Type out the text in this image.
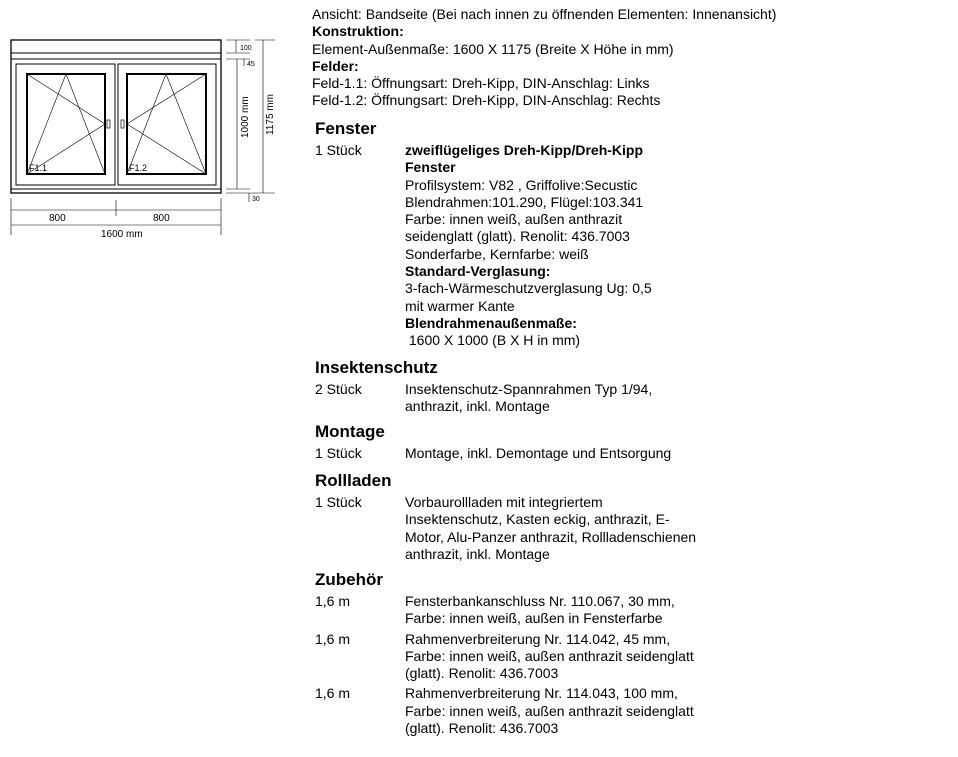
F1.1	F1.2
100
45
30
1000 mm 1175 mm
800	800
1600 mm
Ansicht: Bandseite (Bei nach innen zu öffnenden Elementen: Innenansicht)
Konstruktion:
Element-Außenmaße: 1600 X 1175 (Breite X Höhe in mm)
Felder:
Feld-1.1: Öffnungsart: Dreh-Kipp, DIN-Anschlag: Links
Feld-1.2: Öffnungsart: Dreh-Kipp, DIN-Anschlag: Rechts
Fenster
1 Stück	zweiflügeliges Dreh-Kipp/Dreh-Kipp
Fenster
Profilsystem: V82 , Griffolive:Secustic
Blendrahmen:101.290, Flügel:103.341
Farbe: innen weiß, außen anthrazit
seidenglatt (glatt). Renolit: 436.7003
Sonderfarbe, Kernfarbe: weiß
Standard-Verglasung:
3-fach-Wärmeschutzverglasung Ug: 0,5
mit warmer Kante
Blendrahmenaußenmaße:
1600 X 1000 (B X H in mm)
Insektenschutz
2 Stück	Insektenschutz-Spannrahmen Typ 1/94, anthrazit, inkl. Montage
Montage
1 Stück	Montage, inkl. Demontage und Entsorgung
Rollladen
1 Stück	Vorbaurollladen mit integriertem Insektenschutz, Kasten eckig, anthrazit, E-Motor, Alu-Panzer anthrazit, Rollladenschienen anthrazit, inkl. Montage
Zubehör
1,6 m	Fensterbankanschluss Nr. 110.067, 30 mm, Farbe: innen weiß, außen in Fensterfarbe
1,6 m	Rahmenverbreiterung Nr. 114.042, 45 mm, Farbe: innen weiß, außen anthrazit seidenglatt (glatt). Renolit: 436.7003
1,6 m	Rahmenverbreiterung Nr. 114.043, 100 mm, Farbe: innen weiß, außen anthrazit seidenglatt (glatt). Renolit: 436.7003
